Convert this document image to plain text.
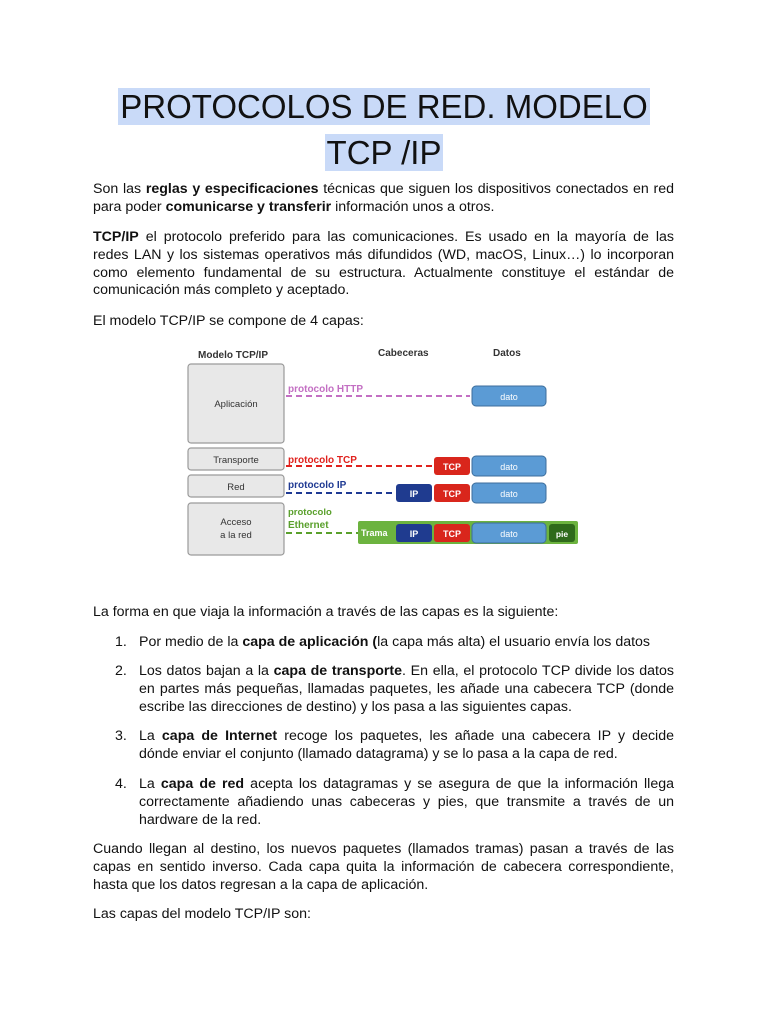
PROTOCOLOS DE RED. MODELO
TCP /IP

Son las reglas y especificaciones técnicas que siguen los dispositivos conectados en red para poder comunicarse y transferir información unos a otros.

TCP/IP el protocolo preferido para las comunicaciones. Es usado en la mayoría de las redes LAN y los sistemas operativos más difundidos (WD, macOS, Linux…) lo incorporan como elemento fundamental de su estructura. Actualmente constituye el estándar de comunicación más completo y aceptado.

El modelo TCP/IP se compone de 4 capas:

Modelo TCP/IP	Cabeceras	Datos
Aplicación
Transporte
Red
Acceso
a la red
protocolo HTTP
dato
protocolo TCP
TCP	dato
protocolo IP
IP	TCP	dato
protocolo
Ethernet
Trama IP	TCP	dato	pie

La forma en que viaja la información a través de las capas es la siguiente:

1. Por medio de la capa de aplicación (la capa más alta) el usuario envía los datos
2. Los datos bajan a la capa de transporte. En ella, el protocolo TCP divide los datos en partes más pequeñas, llamadas paquetes, les añade una cabecera TCP (donde escribe las direcciones de destino) y los pasa a las siguientes capas.
3. La capa de Internet recoge los paquetes, les añade una cabecera IP y decide dónde enviar el conjunto (llamado datagrama) y se lo pasa a la capa de red.
4. La capa de red acepta los datagramas y se asegura de que la información llega correctamente añadiendo unas cabeceras y pies, que transmite a través de un hardware de la red.

Cuando llegan al destino, los nuevos paquetes (llamados tramas) pasan a través de las capas en sentido inverso. Cada capa quita la información de cabecera correspondiente, hasta que los datos regresan a la capa de aplicación.

Las capas del modelo TCP/IP son:
